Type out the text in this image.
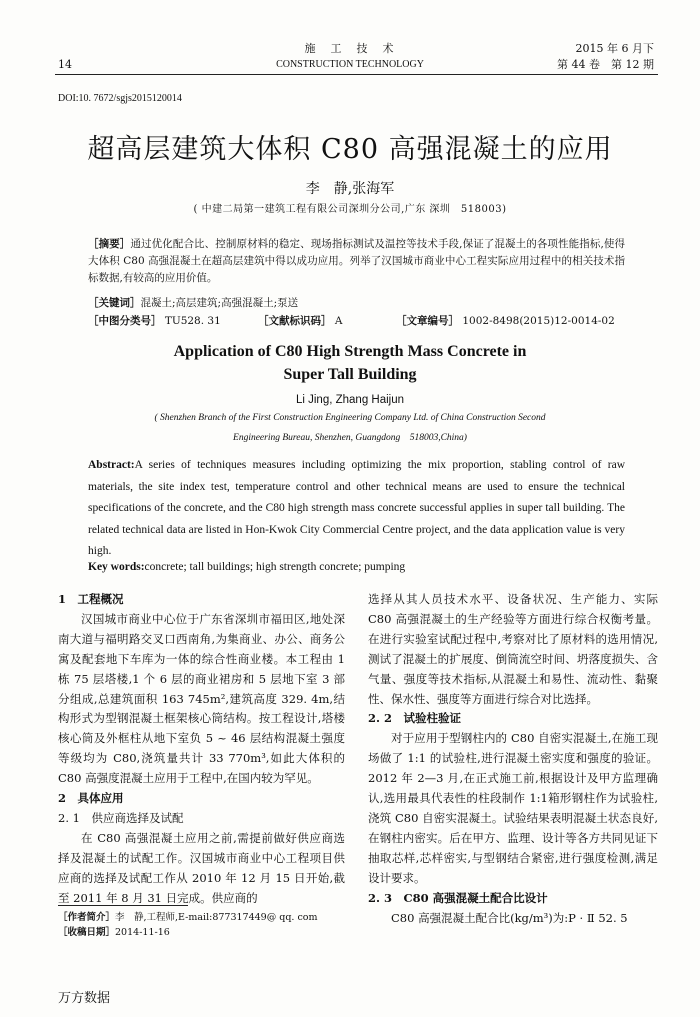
施　工　技　术
CONSTRUCTION TECHNOLOGY
14
2015 年 6 月下
第 44 卷　第 12 期
DOI:10. 7672/sgjs2015120014
超高层建筑大体积 C80 高强混凝土的应用
李　静,张海军
( 中建二局第一建筑工程有限公司深圳分公司,广东 深圳　518003)
［摘要］通过优化配合比、控制原材料的稳定、现场指标测试及温控等技术手段,保证了混凝土的各项性能指标,使得大体积 C80 高强混凝土在超高层建筑中得以成功应用。列举了汉国城市商业中心工程实际应用过程中的相关技术指标数据,有较高的应用价值。
［关键词］混凝土;高层建筑;高强混凝土;泵送
［中图分类号］ TU528. 31	［文献标识码］ A	［文章编号］ 1002-8498(2015)12-0014-02
Application of C80 High Strength Mass Concrete in
Super Tall Building
Li Jing, Zhang Haijun
( Shenzhen Branch of the First Construction Engineering Company Ltd. of China Construction Second
Engineering Bureau, Shenzhen, Guangdong　518003,China)
Abstract:A series of techniques measures including optimizing the mix proportion, stabling control of raw materials, the site index test, temperature control and other technical means are used to ensure the technical specifications of the concrete, and the C80 high strength mass concrete successful applies in super tall building. The related technical data are listed in Hon-Kwok City Commercial Centre project, and the data application value is very high.
Key words:concrete; tall buildings; high strength concrete; pumping

1　工程概况

汉国城市商业中心位于广东省深圳市福田区,地处深南大道与福明路交叉口西南角,为集商业、办公、商务公寓及配套地下车库为一体的综合性商业楼。本工程由 1 栋 75 层塔楼,1 个 6 层的商业裙房和 5 层地下室 3 部分组成,总建筑面积 163 745m²,建筑高度 329. 4m,结构形式为型钢混凝土框架核心筒结构。按工程设计,塔楼核心筒及外框柱从地下室负 5 ~ 46 层结构混凝土强度等级均为 C80,浇筑量共计 33 770m³,如此大体积的 C80 高强度混凝土应用于工程中,在国内较为罕见。

2　具体应用

2. 1　供应商选择及试配

在 C80 高强混凝土应用之前,需提前做好供应商选择及混凝土的试配工作。汉国城市商业中心工程项目供应商的选择及试配工作从 2010 年 12 月 15 日开始,截至 2011 年 8 月 31 日完成。供应商的

［作者简介］李　静,工程师,E-mail:877317449@ qq. com
［收稿日期］2014-11-16

选择从其人员技术水平、设备状况、生产能力、实际 C80 高强混凝土的生产经验等方面进行综合权衡考量。在进行实验室试配过程中,考察对比了原材料的选用情况,测试了混凝土的扩展度、倒筒流空时间、坍落度损失、含气量、强度等技术指标,从混凝土和易性、流动性、黏聚性、保水性、强度等方面进行综合对比选择。

2. 2　试验柱验证

对于应用于型钢柱内的 C80 自密实混凝土,在施工现场做了 1:1 的试验柱,进行混凝土密实度和强度的验证。2012 年 2—3 月,在正式施工前,根据设计及甲方监理确认,选用最具代表性的柱段制作 1:1箱形钢柱作为试验柱,浇筑 C80 自密实混凝土。试验结果表明混凝土状态良好,在钢柱内密实。后在甲方、监理、设计等各方共同见证下抽取芯样,芯样密实,与型钢结合紧密,进行强度检测,满足设计要求。

2. 3　C80 高强混凝土配合比设计

C80 高强混凝土配合比(kg/m³)为:P · Ⅱ 52. 5

万方数据
